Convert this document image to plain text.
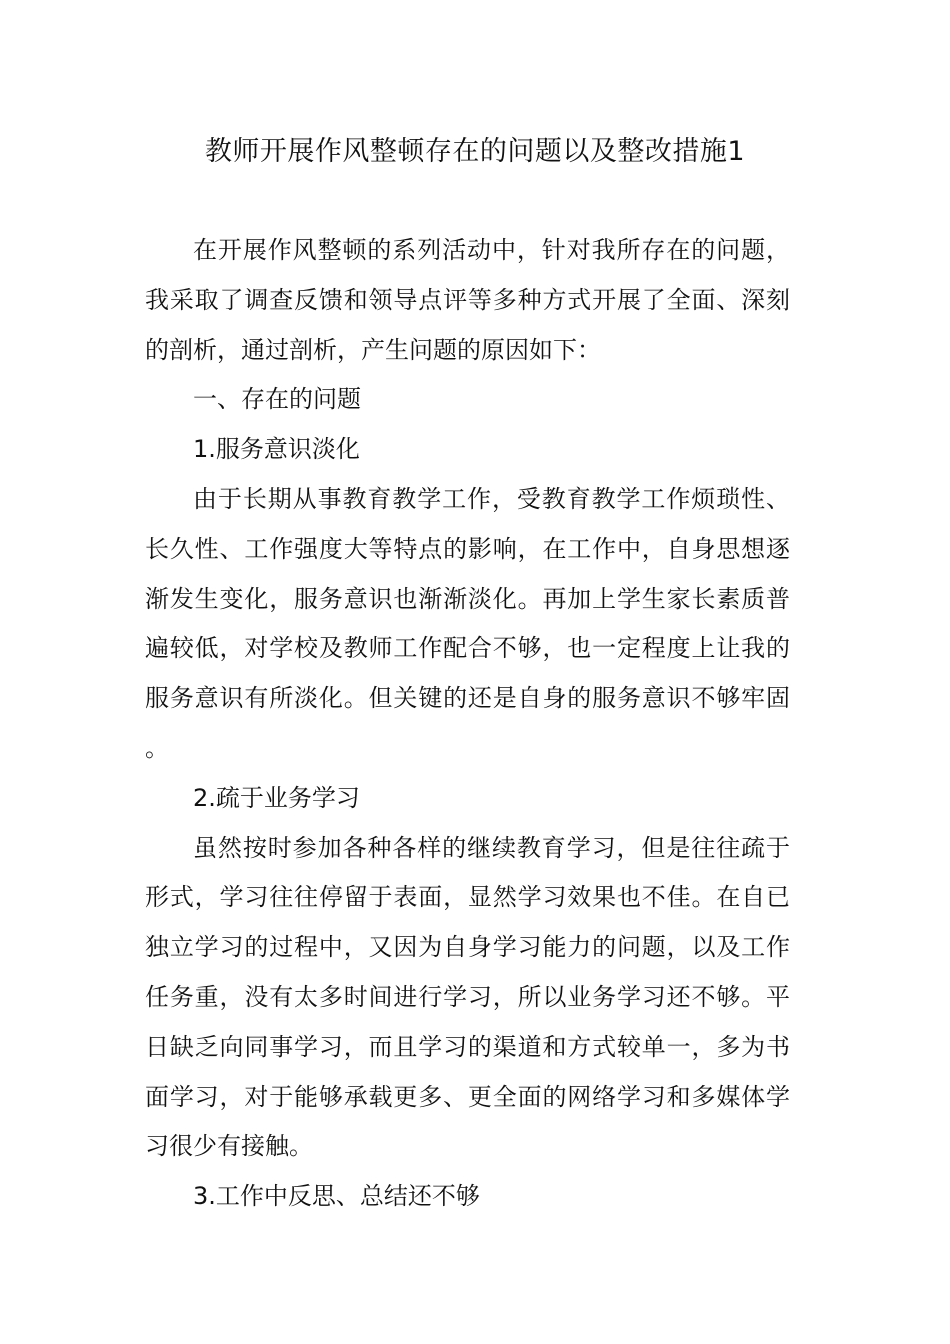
教师开展作风整顿存在的问题以及整改措施1

在开展作风整顿的系列活动中，针对我所存在的问题，我采取了调查反馈和领导点评等多种方式开展了全面、深刻的剖析，通过剖析，产生问题的原因如下：

一、存在的问题

1.服务意识淡化

由于长期从事教育教学工作，受教育教学工作烦琐性、长久性、工作强度大等特点的影响，在工作中，自身思想逐渐发生变化，服务意识也渐渐淡化。再加上学生家长素质普遍较低，对学校及教师工作配合不够，也一定程度上让我的服务意识有所淡化。但关键的还是自身的服务意识不够牢固。

2.疏于业务学习

虽然按时参加各种各样的继续教育学习，但是往往疏于形式，学习往往停留于表面，显然学习效果也不佳。在自已独立学习的过程中，又因为自身学习能力的问题，以及工作任务重，没有太多时间进行学习，所以业务学习还不够。平日缺乏向同事学习，而且学习的渠道和方式较单一，多为书面学习，对于能够承载更多、更全面的网络学习和多媒体学习很少有接触。

3.工作中反思、总结还不够
